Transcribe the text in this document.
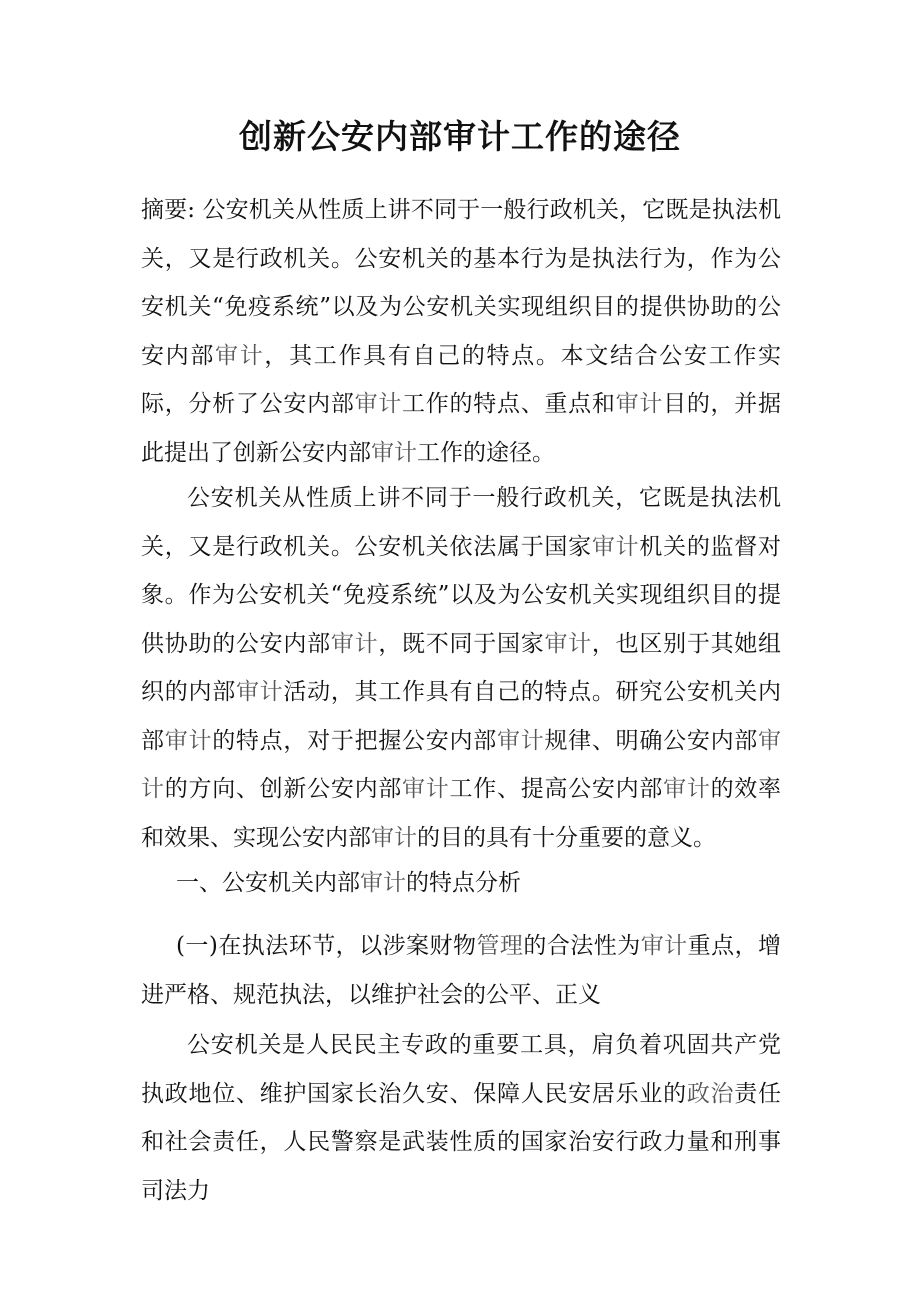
创新公安内部审计工作的途径

摘要: 公安机关从性质上讲不同于一般行政机关，它既是执法机关，又是行政机关。公安机关的基本行为是执法行为，作为公安机关“免疫系统”以及为公安机关实现组织目的提供协助的公安内部审计，其工作具有自己的特点。本文结合公安工作实际，分析了公安内部审计工作的特点、重点和审计目的，并据此提出了创新公安内部审计工作的途径。

公安机关从性质上讲不同于一般行政机关，它既是执法机关，又是行政机关。公安机关依法属于国家审计机关的监督对象。作为公安机关“免疫系统”以及为公安机关实现组织目的提供协助的公安内部审计，既不同于国家审计，也区别于其她组织的内部审计活动，其工作具有自己的特点。研究公安机关内部审计的特点，对于把握公安内部审计规律、明确公安内部审计的方向、创新公安内部审计工作、提高公安内部审计的效率和效果、实现公安内部审计的目的具有十分重要的意义。

一、公安机关内部审计的特点分析

(一)在执法环节，以涉案财物管理的合法性为审计重点，增进严格、规范执法，以维护社会的公平、正义

公安机关是人民民主专政的重要工具，肩负着巩固共产党执政地位、维护国家长治久安、保障人民安居乐业的政治责任和社会责任，人民警察是武装性质的国家治安行政力量和刑事司法力
